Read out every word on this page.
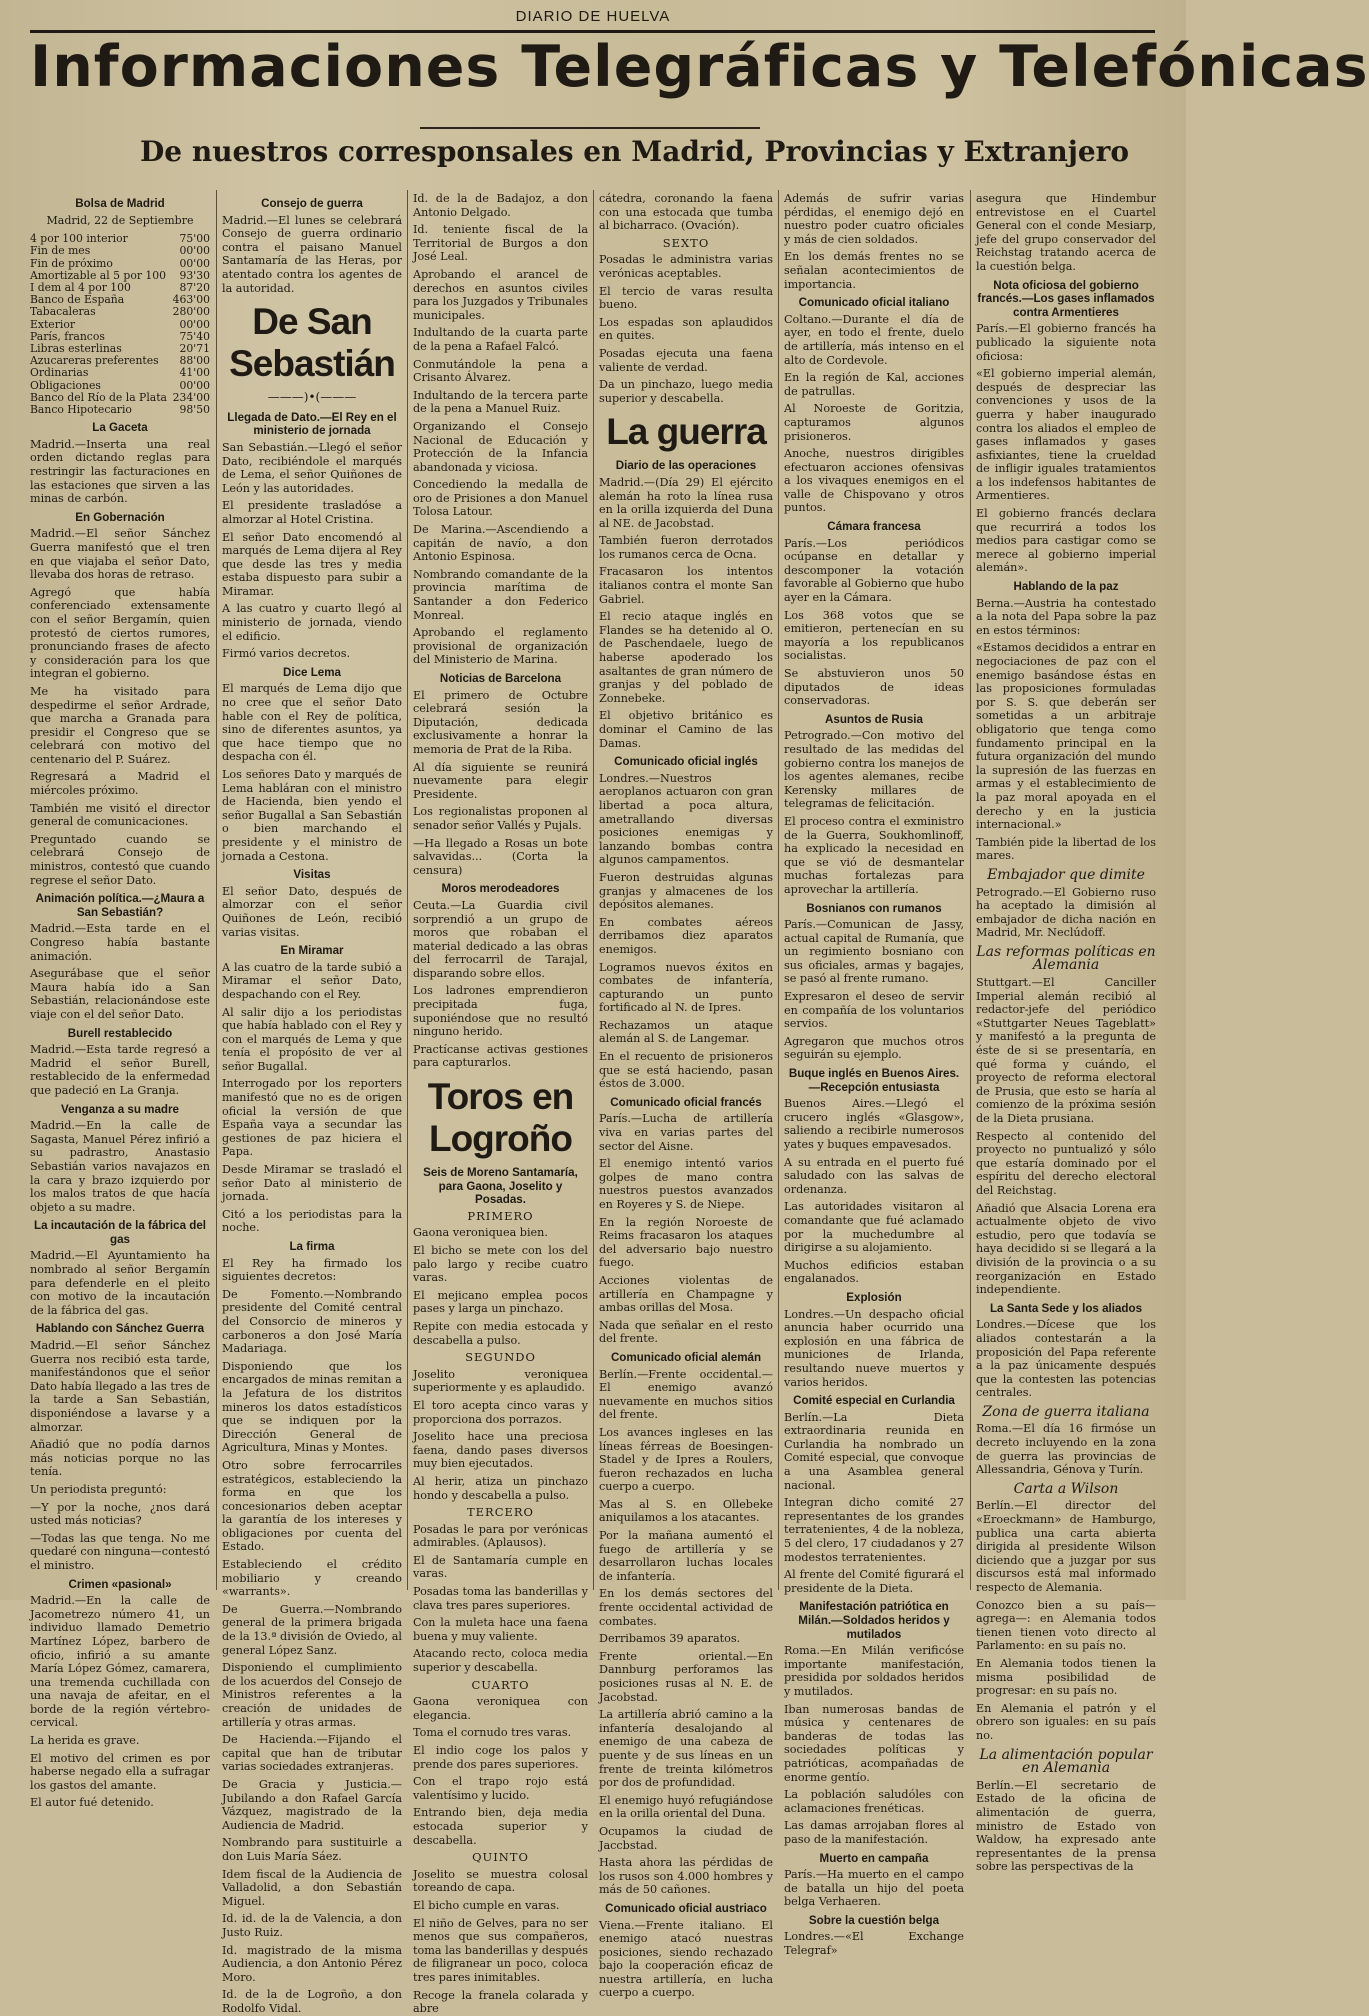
DIARIO DE HUELVA
Informaciones Telegráficas y Telefónicas
De nuestros corresponsales en Madrid, Provincias y Extranjero
Bolsa de Madrid
Madrid, 22 de Septiembre
4 por 100 interior	75'00
Fin de mes	00'00
Fin de próximo	00'00
Amortizable al 5 por 100	93'30
I dem al 4 por 100	87'20
Banco de España	463'00
Tabacaleras	280'00
Exterior	00'00
París, francos	75'40
Libras esterlinas	20'71
Azucareras preferentes	88'00
Ordinarias	41'00
Obligaciones	00'00
Banco del Río de la Plata	234'00
Banco Hipotecario	98'50
La Gaceta
Madrid.—Inserta una real orden dictando reglas para restringir las facturaciones en las estaciones que sirven a las minas de carbón.
En Gobernación
Madrid.—El señor Sánchez Guerra manifestó que el tren en que viajaba el señor Dato, llevaba dos horas de retraso.
Agregó que había conferenciado extensamente con el señor Bergamín, quien protestó de ciertos rumores, pronunciando frases de afecto y consideración para los que integran el gobierno.
Me ha visitado para despedirme el señor Ardrade, que marcha a Granada para presidir el Congreso que se celebrará con motivo del centenario del P. Suárez.
Regresará a Madrid el miércoles próximo.
También me visitó el director general de comunicaciones.
Preguntado cuando se celebrará Consejo de ministros, contestó que cuando regrese el señor Dato.
Animación política.—¿Maura a San Sebastián?
Madrid.—Esta tarde en el Congreso había bastante animación.
Asegurábase que el señor Maura había ido a San Sebastián, relacionándose este viaje con el del señor Dato.
Burell restablecido
Madrid.—Esta tarde regresó a Madrid el señor Burell, restablecido de la enfermedad que padeció en La Granja.
Venganza a su madre
Madrid.—En la calle de Sagasta, Manuel Pérez infirió a su padrastro, Anastasio Sebastián varios navajazos en la cara y brazo izquierdo por los malos tratos de que hacía objeto a su madre.
La incautación de la fábrica del gas
Madrid.—El Ayuntamiento ha nombrado al señor Bergamín para defenderle en el pleito con motivo de la incautación de la fábrica del gas.
Hablando con Sánchez Guerra
Madrid.—El señor Sánchez Guerra nos recibió esta tarde, manifestándonos que el señor Dato había llegado a las tres de la tarde a San Sebastián, disponiéndose a lavarse y a almorzar.
Añadió que no podía darnos más noticias porque no las tenía.
Un periodista preguntó:
—Y por la noche, ¿nos dará usted más noticias?
—Todas las que tenga. No me quedaré con ninguna—contestó el ministro.
Crimen «pasional»
Madrid.—En la calle de Jacometrezo número 41, un individuo llamado Demetrio Martínez López, barbero de oficio, infirió a su amante María López Gómez, camarera, una tremenda cuchillada con una navaja de afeitar, en el borde de la región vértebro-cervical.
La herida es grave.
El motivo del crimen es por haberse negado ella a sufragar los gastos del amante.
El autor fué detenido.
Consejo de guerra
Madrid.—El lunes se celebrará Consejo de guerra ordinario contra el paisano Manuel Santamaría de las Heras, por atentado contra los agentes de la autoridad.
De San Sebastián
———)•(———
Llegada de Dato.—El Rey en el ministerio de jornada
San Sebastián.—Llegó el señor Dato, recibiéndole el marqués de Lema, el señor Quiñones de León y las autoridades.
El presidente trasladóse a almorzar al Hotel Cristina.
El señor Dato encomendó al marqués de Lema dijera al Rey que desde las tres y media estaba dispuesto para subir a Miramar.
A las cuatro y cuarto llegó al ministerio de jornada, viendo el edificio.
Firmó varios decretos.
Dice Lema
El marqués de Lema dijo que no cree que el señor Dato hable con el Rey de política, sino de diferentes asuntos, ya que hace tiempo que no despacha con él.
Los señores Dato y marqués de Lema habláran con el ministro de Hacienda, bien yendo el señor Bugallal a San Sebastián o bien marchando el presidente y el ministro de jornada a Cestona.
Visitas
El señor Dato, después de almorzar con el señor Quiñones de León, recibió varias visitas.
En Miramar
A las cuatro de la tarde subió a Miramar el señor Dato, despachando con el Rey.
Al salir dijo a los periodistas que había hablado con el Rey y con el marqués de Lema y que tenía el propósito de ver al señor Bugallal.
Interrogado por los reporters manifestó que no es de origen oficial la versión de que España vaya a secundar las gestiones de paz hiciera el Papa.
Desde Miramar se trasladó el señor Dato al ministerio de jornada.
Citó a los periodistas para la noche.
La firma
El Rey ha firmado los siguientes decretos:
De Fomento.—Nombrando presidente del Comité central del Consorcio de mineros y carboneros a don José María Madariaga.
Disponiendo que los encargados de minas remitan a la Jefatura de los distritos mineros los datos estadísticos que se indiquen por la Dirección General de Agricultura, Minas y Montes.
Otro sobre ferrocarriles estratégicos, estableciendo la forma en que los concesionarios deben aceptar la garantía de los intereses y obligaciones por cuenta del Estado.
Estableciendo el crédito mobiliario y creando «warrants».
De Guerra.—Nombrando general de la primera brigada de la 13.ª división de Oviedo, al general López Sanz.
Disponiendo el cumplimiento de los acuerdos del Consejo de Ministros referentes a la creación de unidades de artillería y otras armas.
De Hacienda.—Fijando el capital que han de tributar varias sociedades extranjeras.
De Gracia y Justicia.—Jubilando a don Rafael García Vázquez, magistrado de la Audiencia de Madrid.
Nombrando para sustituirle a don Luis María Sáez.
Idem fiscal de la Audiencia de Valladolid, a don Sebastián Miguel.
Id. id. de la de Valencia, a don Justo Ruiz.
Id. magistrado de la misma Audiencia, a don Antonio Pérez Moro.
Id. de la de Logroño, a don Rodolfo Vidal.
Id. de la de Badajoz, a don Antonio Delgado.
Id. teniente fiscal de la Territorial de Burgos a don José Leal.
Aprobando el arancel de derechos en asuntos civiles para los Juzgados y Tribunales municipales.
Indultando de la cuarta parte de la pena a Rafael Falcó.
Conmutándole la pena a Crisanto Álvarez.
Indultando de la tercera parte de la pena a Manuel Ruiz.
Organizando el Consejo Nacional de Educación y Protección de la Infancia abandonada y viciosa.
Concediendo la medalla de oro de Prisiones a don Manuel Tolosa Latour.
De Marina.—Ascendiendo a capitán de navío, a don Antonio Espinosa.
Nombrando comandante de la provincia marítima de Santander a don Federico Monreal.
Aprobando el reglamento provisional de organización del Ministerio de Marina.
Noticias de Barcelona
El primero de Octubre celebrará sesión la Diputación, dedicada exclusivamente a honrar la memoria de Prat de la Riba.
Al día siguiente se reunirá nuevamente para elegir Presidente.
Los regionalistas proponen al senador señor Vallés y Pujals.
—Ha llegado a Rosas un bote salvavidas... (Corta la censura)
Moros merodeadores
Ceuta.—La Guardia civil sorprendió a un grupo de moros que robaban el material dedicado a las obras del ferrocarril de Tarajal, disparando sobre ellos.
Los ladrones emprendieron precipitada fuga, suponiéndose que no resultó ninguno herido.
Practícanse activas gestiones para capturarlos.
Toros en Logroño
Seis de Moreno Santamaría, para Gaona, Joselito y Posadas.
PRIMERO
Gaona veroniquea bien.
El bicho se mete con los del palo largo y recibe cuatro varas.
El mejicano emplea pocos pases y larga un pinchazo.
Repite con media estocada y descabella a pulso.
SEGUNDO
Joselito veroniquea superiormente y es aplaudido.
El toro acepta cinco varas y proporciona dos porrazos.
Joselito hace una preciosa faena, dando pases diversos muy bien ejecutados.
Al herir, atiza un pinchazo hondo y descabella a pulso.
TERCERO
Posadas le para por verónicas admirables. (Aplausos).
El de Santamaría cumple en varas.
Posadas toma las banderillas y clava tres pares superiores.
Con la muleta hace una faena buena y muy valiente.
Atacando recto, coloca media superior y descabella.
CUARTO
Gaona veroniquea con elegancia.
Toma el cornudo tres varas.
El indio coge los palos y prende dos pares superiores.
Con el trapo rojo está valentísimo y lucido.
Entrando bien, deja media estocada superior y descabella.
QUINTO
Joselito se muestra colosal toreando de capa.
El bicho cumple en varas.
El niño de Gelves, para no ser menos que sus compañeros, toma las banderillas y después de filigranear un poco, coloca tres pares inimitables.
Recoge la franela colarada y abre
cátedra, coronando la faena con una estocada que tumba al bicharraco. (Ovación).
SEXTO
Posadas le administra varias verónicas aceptables.
El tercio de varas resulta bueno.
Los espadas son aplaudidos en quites.
Posadas ejecuta una faena valiente de verdad.
Da un pinchazo, luego media superior y descabella.
La guerra
Diario de las operaciones
Madrid.—(Día 29) El ejército alemán ha roto la línea rusa en la orilla izquierda del Duna al NE. de Jacobstad.
También fueron derrotados los rumanos cerca de Ocna.
Fracasaron los intentos italianos contra el monte San Gabriel.
El recio ataque inglés en Flandes se ha detenido al O. de Paschendaele, luego de haberse apoderado los asaltantes de gran número de granjas y del poblado de Zonnebeke.
El objetivo británico es dominar el Camino de las Damas.
Comunicado oficial inglés
Londres.—Nuestros aeroplanos actuaron con gran libertad a poca altura, ametrallando diversas posiciones enemigas y lanzando bombas contra algunos campamentos.
Fueron destruidas algunas granjas y almacenes de los depósitos alemanes.
En combates aéreos derribamos diez aparatos enemigos.
Logramos nuevos éxitos en combates de infantería, capturando un punto fortificado al N. de Ipres.
Rechazamos un ataque alemán al S. de Langemar.
En el recuento de prisioneros que se está haciendo, pasan éstos de 3.000.
Comunicado oficial francés
París.—Lucha de artillería viva en varias partes del sector del Aisne.
El enemigo intentó varios golpes de mano contra nuestros puestos avanzados en Royeres y S. de Niepe.
En la región Noroeste de Reims fracasaron los ataques del adversario bajo nuestro fuego.
Acciones violentas de artillería en Champagne y ambas orillas del Mosa.
Nada que señalar en el resto del frente.
Comunicado oficial alemán
Berlín.—Frente occidental.—El enemigo avanzó nuevamente en muchos sitios del frente.
Los avances ingleses en las líneas férreas de Boesingen-Stadel y de Ipres a Roulers, fueron rechazados en lucha cuerpo a cuerpo.
Mas al S. en Ollebeke aniquilamos a los atacantes.
Por la mañana aumentó el fuego de artillería y se desarrollaron luchas locales de infantería.
En los demás sectores del frente occidental actividad de combates.
Derribamos 39 aparatos.
Frente oriental.—En Dannburg perforamos las posiciones rusas al N. E. de Jacobstad.
La artillería abrió camino a la infantería desalojando al enemigo de una cabeza de puente y de sus líneas en un frente de treinta kilómetros por dos de profundidad.
El enemigo huyó refugiándose en la orilla oriental del Duna.
Ocupamos la ciudad de Jaccbstad.
Hasta ahora las pérdidas de los rusos son 4.000 hombres y más de 50 cañones.
Comunicado oficial austriaco
Viena.—Frente italiano. El enemigo atacó nuestras posiciones, siendo rechazado bajo la cooperación eficaz de nuestra artillería, en lucha cuerpo a cuerpo.
Además de sufrir varias pérdidas, el enemigo dejó en nuestro poder cuatro oficiales y más de cien soldados.
En los demás frentes no se señalan acontecimientos de importancia.
Comunicado oficial italiano
Coltano.—Durante el día de ayer, en todo el frente, duelo de artillería, más intenso en el alto de Cordevole.
En la región de Kal, acciones de patrullas.
Al Noroeste de Goritzia, capturamos algunos prisioneros.
Anoche, nuestros dirigibles efectuaron acciones ofensivas a los vivaques enemigos en el valle de Chispovano y otros puntos.
Cámara francesa
París.—Los periódicos ocúpanse en detallar y descomponer la votación favorable al Gobierno que hubo ayer en la Cámara.
Los 368 votos que se emitieron, pertenecían en su mayoría a los republicanos socialistas.
Se abstuvieron unos 50 diputados de ideas conservadoras.
Asuntos de Rusia
Petrogrado.—Con motivo del resultado de las medidas del gobierno contra los manejos de los agentes alemanes, recibe Kerensky millares de telegramas de felicitación.
El proceso contra el exministro de la Guerra, Soukhomlinoff, ha explicado la necesidad en que se vió de desmantelar muchas fortalezas para aprovechar la artillería.
Bosnianos con rumanos
París.—Comunican de Jassy, actual capital de Rumanía, que un regimiento bosniano con sus oficiales, armas y bagajes, se pasó al frente rumano.
Expresaron el deseo de servir en compañía de los voluntarios servios.
Agregaron que muchos otros seguirán su ejemplo.
Buque inglés en Buenos Aires.—Recepción entusiasta
Buenos Aires.—Llegó el crucero inglés «Glasgow», saliendo a recibirle numerosos yates y buques empavesados.
A su entrada en el puerto fué saludado con las salvas de ordenanza.
Las autoridades visitaron al comandante que fué aclamado por la muchedumbre al dirigirse a su alojamiento.
Muchos edificios estaban engalanados.
Explosión
Londres.—Un despacho oficial anuncia haber ocurrido una explosión en una fábrica de municiones de Irlanda, resultando nueve muertos y varios heridos.
Comité especial en Curlandia
Berlín.—La Dieta extraordinaria reunida en Curlandia ha nombrado un Comité especial, que convoque a una Asamblea general nacional.
Integran dicho comité 27 representantes de los grandes terratenientes, 4 de la nobleza, 5 del clero, 17 ciudadanos y 27 modestos terratenientes.
Al frente del Comité figurará el presidente de la Dieta.
Manifestación patriótica en Milán.—Soldados heridos y mutilados
Roma.—En Milán verificóse importante manifestación, presidida por soldados heridos y mutilados.
Iban numerosas bandas de música y centenares de banderas de todas las sociedades políticas y patrióticas, acompañadas de enorme gentío.
La población saludóles con aclamaciones frenéticas.
Las damas arrojaban flores al paso de la manifestación.
Muerto en campaña
París.—Ha muerto en el campo de batalla un hijo del poeta belga Verhaeren.
Sobre la cuestión belga
Londres.—«El Exchange Telegraf»
asegura que Hindembur entrevistose en el Cuartel General con el conde Mesiarp, jefe del grupo conservador del Reichstag tratando acerca de la cuestión belga.
Nota oficiosa del gobierno francés.—Los gases inflamados contra Armentieres
París.—El gobierno francés ha publicado la siguiente nota oficiosa:
«El gobierno imperial alemán, después de despreciar las convenciones y usos de la guerra y haber inaugurado contra los aliados el empleo de gases inflamados y gases asfixiantes, tiene la crueldad de infligir iguales tratamientos a los indefensos habitantes de Armentieres.
El gobierno francés declara que recurrirá a todos los medios para castigar como se merece al gobierno imperial alemán».
Hablando de la paz
Berna.—Austria ha contestado a la nota del Papa sobre la paz en estos términos:
«Estamos decididos a entrar en negociaciones de paz con el enemigo basándose éstas en las proposiciones formuladas por S. S. que deberán ser sometidas a un arbitraje obligatorio que tenga como fundamento principal en la futura organización del mundo la supresión de las fuerzas en armas y el establecimiento de la paz moral apoyada en el derecho y en la justicia internacional.»
También pide la libertad de los mares.
Embajador que dimite
Petrogrado.—El Gobierno ruso ha aceptado la dimisión al embajador de dicha nación en Madrid, Mr. Neclúdoff.
Las reformas políticas en Alemania
Stuttgart.—El Canciller Imperial alemán recibió al redactor-jefe del periódico «Stuttgarter Neues Tageblatt» y manifestó a la pregunta de éste de si se presentaría, en qué forma y cuándo, el proyecto de reforma electoral de Prusia, que esto se haría al comienzo de la próxima sesión de la Dieta prusiana.
Respecto al contenido del proyecto no puntualizó y sólo que estaría dominado por el espíritu del derecho electoral del Reichstag.
Añadió que Alsacia Lorena era actualmente objeto de vivo estudio, pero que todavía se haya decidido si se llegará a la división de la provincia o a su reorganización en Estado independiente.
La Santa Sede y los aliados
Londres.—Dícese que los aliados contestarán a la proposición del Papa referente a la paz únicamente después que la contesten las potencias centrales.
Zona de guerra italiana
Roma.—El día 16 firmóse un decreto incluyendo en la zona de guerra las provincias de Allessandria, Génova y Turín.
Carta a Wilson
Berlín.—El director del «Eroeckmann» de Hamburgo, publica una carta abierta dirigida al presidente Wilson diciendo que a juzgar por sus discursos está mal informado respecto de Alemania.
Conozco bien a su país—agrega—: en Alemania todos tienen tienen voto directo al Parlamento: en su país no.
En Alemania todos tienen la misma posibilidad de progresar: en su país no.
En Alemania el patrón y el obrero son iguales: en su país no.
La alimentación popular en Alemania
Berlín.—El secretario de Estado de la oficina de alimentación de guerra, ministro de Estado von Waldow, ha expresado ante representantes de la prensa sobre las perspectivas de la
